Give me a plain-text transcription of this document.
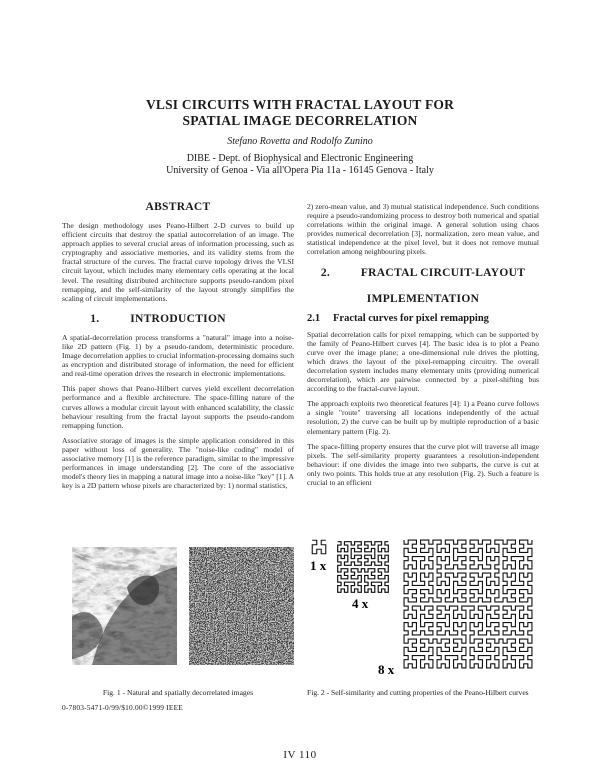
VLSI CIRCUITS WITH FRACTAL LAYOUT FOR
SPATIAL IMAGE DECORRELATION
Stefano Rovetta and Rodolfo Zunino
DIBE - Dept. of Biophysical and Electronic Engineering
University of Genoa - Via all'Opera Pia 11a - 16145 Genova - Italy
ABSTRACT

The design methodology uses Peano-Hilbert 2-D curves to build up efficient circuits that destroy the spatial autocorrelation of an image. The approach applies to several crucial areas of information processing, such as cryptography and associative memories, and its validity stems from the fractal structure of the curves. The fractal curve topology drives the VLSI circuit layout, which includes many elementary cells operating at the local level. The resulting distributed architecture supports pseudo-random pixel remapping, and the self-similarity of the layout strongly simplifies the scaling of circuit implementations.

1.	INTRODUCTION

A spatial-decorrelation process transforms a "natural" image into a noise-like 2D pattern (Fig. 1) by a pseudo-random, deterministic procedure. Image decorrelation applies to crucial information-processing domains such as encryption and distributed storage of information, the need for efficient and real-time operation drives the research in electronic implementations.

This paper shows that Peano-Hilbert curves yield excellent decorrelation performance and a flexible architecture. The space-filling nature of the curves allows a modular circuit layout with enhanced scalability, the classic behaviour resulting from the fractal layout supports the pseudo-random remapping function.

Associative storage of images is the simple application considered in this paper without loss of generality. The "noise-like coding" model of associative memory [1] is the reference paradigm, similar to the impressive performances in image understanding [2]. The core of the associative model's theory lies in mapping a natural image into a noise-like "key" [1]. A key is a 2D pattern whose pixels are characterized by: 1) normal statistics,

2) zero-mean value, and 3) mutual statistical independence. Such conditions require a pseudo-randomizing process to destroy both numerical and spatial correlations within the original image. A general solution using chaos provides numerical decorrelation [3], normalization, zero mean value, and statistical independence at the pixel level, but it does not remove mutual correlation among neighbouring pixels.

2.	FRACTAL CIRCUIT-LAYOUT
IMPLEMENTATION
2.1 Fractal curves for pixel remapping

Spatial decorrelation calls for pixel remapping, which can be supported by the family of Peano-Hilbert curves [4]. The basic idea is to plot a Peano curve over the image plane; a one-dimensional rule drives the plotting, which draws the layout of the pixel-remapping circuitry. The overall decorrelation system includes many elementary units (providing numerical decorrelation), which are pairwise connected by a pixel-shifting bus according to the fractal-curve layout.

The approach exploits two theoretical features [4]: 1) a Peano curve follows a single "route" traversing all locations independently of the actual resolution, 2) the curve can be built up by multiple reproduction of a basic elementary pattern (Fig. 2).

The space-filling property ensures that the curve plot will traverse all image pixels. The self-similarity property guarantees a resolution-independent behaviour: if one divides the image into two subparts, the curve is cut at only two points. This holds true at any resolution (Fig. 2). Such a feature is crucial to an efficient

Fig. 1 - Natural and spatially decorrelated images
0-7803-5471-0/99/$10.00©1999 IEEE
1 x
4 x
8 x
Fig. 2 - Self-similarity and cutting properties of the Peano-Hilbert curves
IV 110
